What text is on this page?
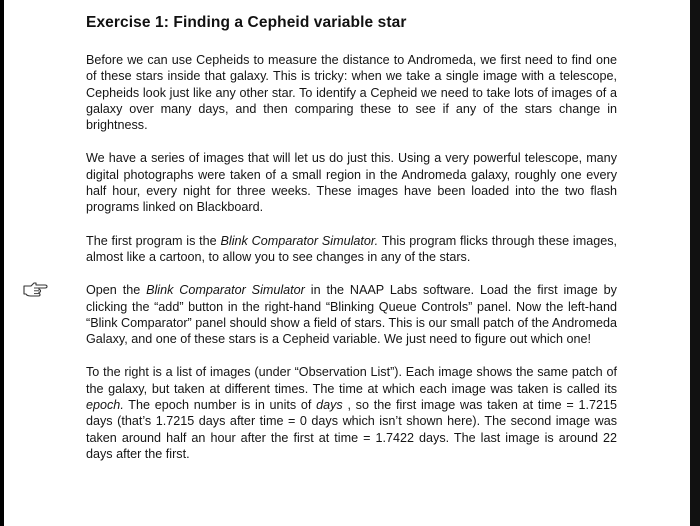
Exercise 1: Finding a Cepheid variable star

Before we can use Cepheids to measure the distance to Andromeda, we first need to find one of these stars inside that galaxy. This is tricky: when we take a single image with a telescope, Cepheids look just like any other star. To identify a Cepheid we need to take lots of images of a galaxy over many days, and then comparing these to see if any of the stars change in brightness.

We have a series of images that will let us do just this. Using a very powerful telescope, many digital photographs were taken of a small region in the Andromeda galaxy, roughly one every half hour, every night for three weeks. These images have been loaded into the two flash programs linked on Blackboard.

The first program is the Blink Comparator Simulator. This program flicks through these images, almost like a cartoon, to allow you to see changes in any of the stars.

Open the Blink Comparator Simulator in the NAAP Labs software. Load the first image by clicking the “add” button in the right-hand “Blinking Queue Controls” panel. Now the left-hand “Blink Comparator” panel should show a field of stars. This is our small patch of the Andromeda Galaxy, and one of these stars is a Cepheid variable. We just need to figure out which one!

To the right is a list of images (under “Observation List”). Each image shows the same patch of the galaxy, but taken at different times. The time at which each image was taken is called its epoch. The epoch number is in units of days , so the first image was taken at time = 1.7215 days (that’s 1.7215 days after time = 0 days which isn’t shown here). The second image was taken around half an hour after the first at time = 1.7422 days. The last image is around 22 days after the first.
